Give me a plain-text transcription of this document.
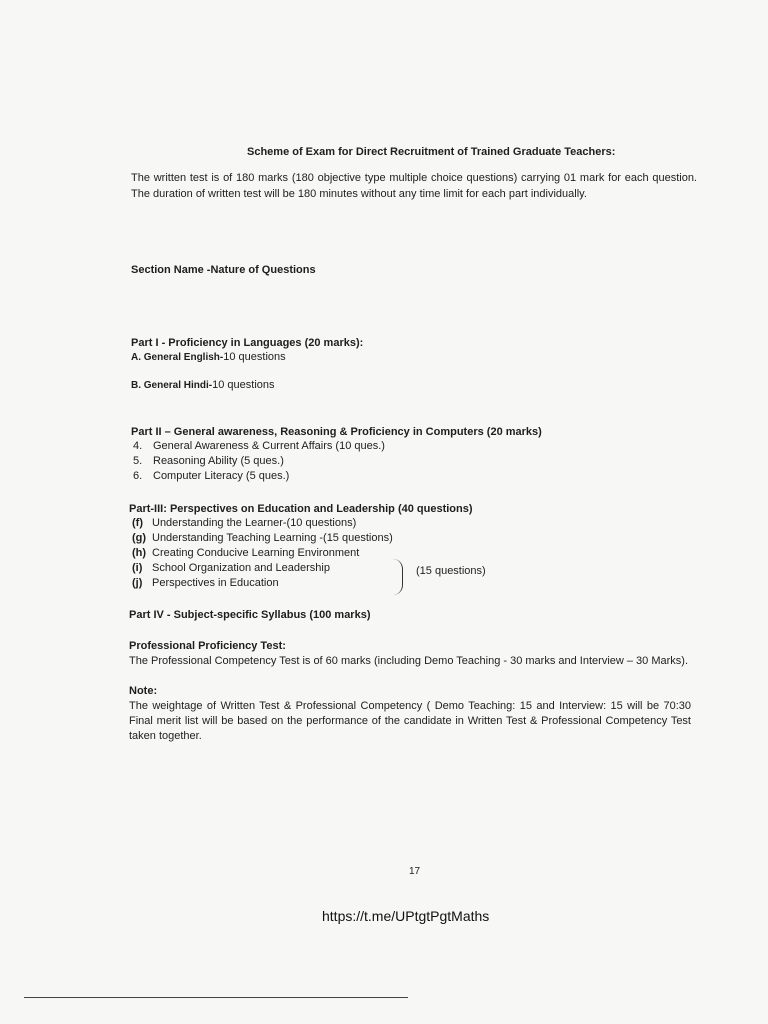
Scheme of Exam for Direct Recruitment of Trained Graduate Teachers:
The written test is of 180 marks (180 objective type multiple choice questions) carrying 01 mark for each question. The duration of written test will be 180 minutes without any time limit for each part individually.
Section Name -Nature of Questions
Part I - Proficiency in Languages (20 marks):
A. General English-10 questions
B. General Hindi-10 questions
Part II – General awareness, Reasoning & Proficiency in Computers (20 marks)
4. General Awareness & Current Affairs (10 ques.)
5. Reasoning Ability (5 ques.)
6. Computer Literacy (5 ques.)
Part-III: Perspectives on Education and Leadership (40 questions)
(f) Understanding the Learner-(10 questions)
(g) Understanding Teaching Learning -(15 questions)
(h) Creating Conducive Learning Environment
(i) School Organization and Leadership
(j) Perspectives in Education
(15 questions)
Part IV - Subject-specific Syllabus (100 marks)
Professional Proficiency Test:
The Professional Competency Test is of 60 marks (including Demo Teaching - 30 marks and Interview – 30 Marks).
Note:
The weightage of Written Test & Professional Competency ( Demo Teaching: 15 and Interview: 15 will be 70:30 Final merit list will be based on the performance of the candidate in Written Test & Professional Competency Test taken together.
17
https://t.me/UPtgtPgtMaths
